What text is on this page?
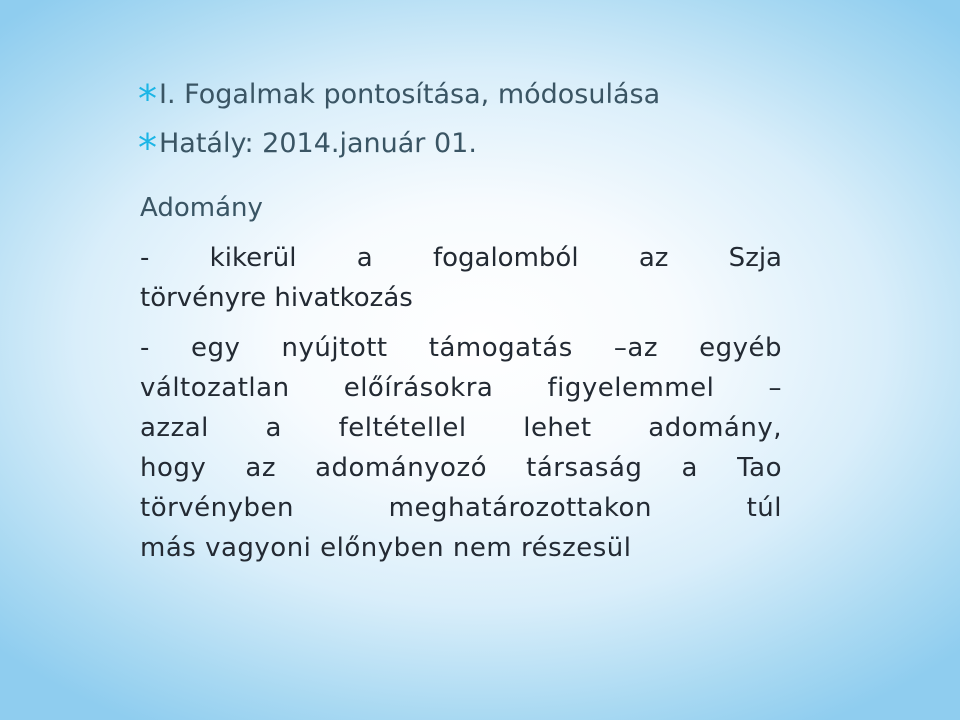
*I. Fogalmak pontosítása, módosulása
*Hatály: 2014.január 01.

Adomány

- kikerül a fogalomból az Szja

törvényre hivatkozás

- egy nyújtott támogatás –az egyéb

változatlan előírásokra figyelemmel –

azzal a feltétellel lehet adomány,

hogy az adományozó társaság a Tao

törvényben meghatározottakon túl

más vagyoni előnyben nem részesül
